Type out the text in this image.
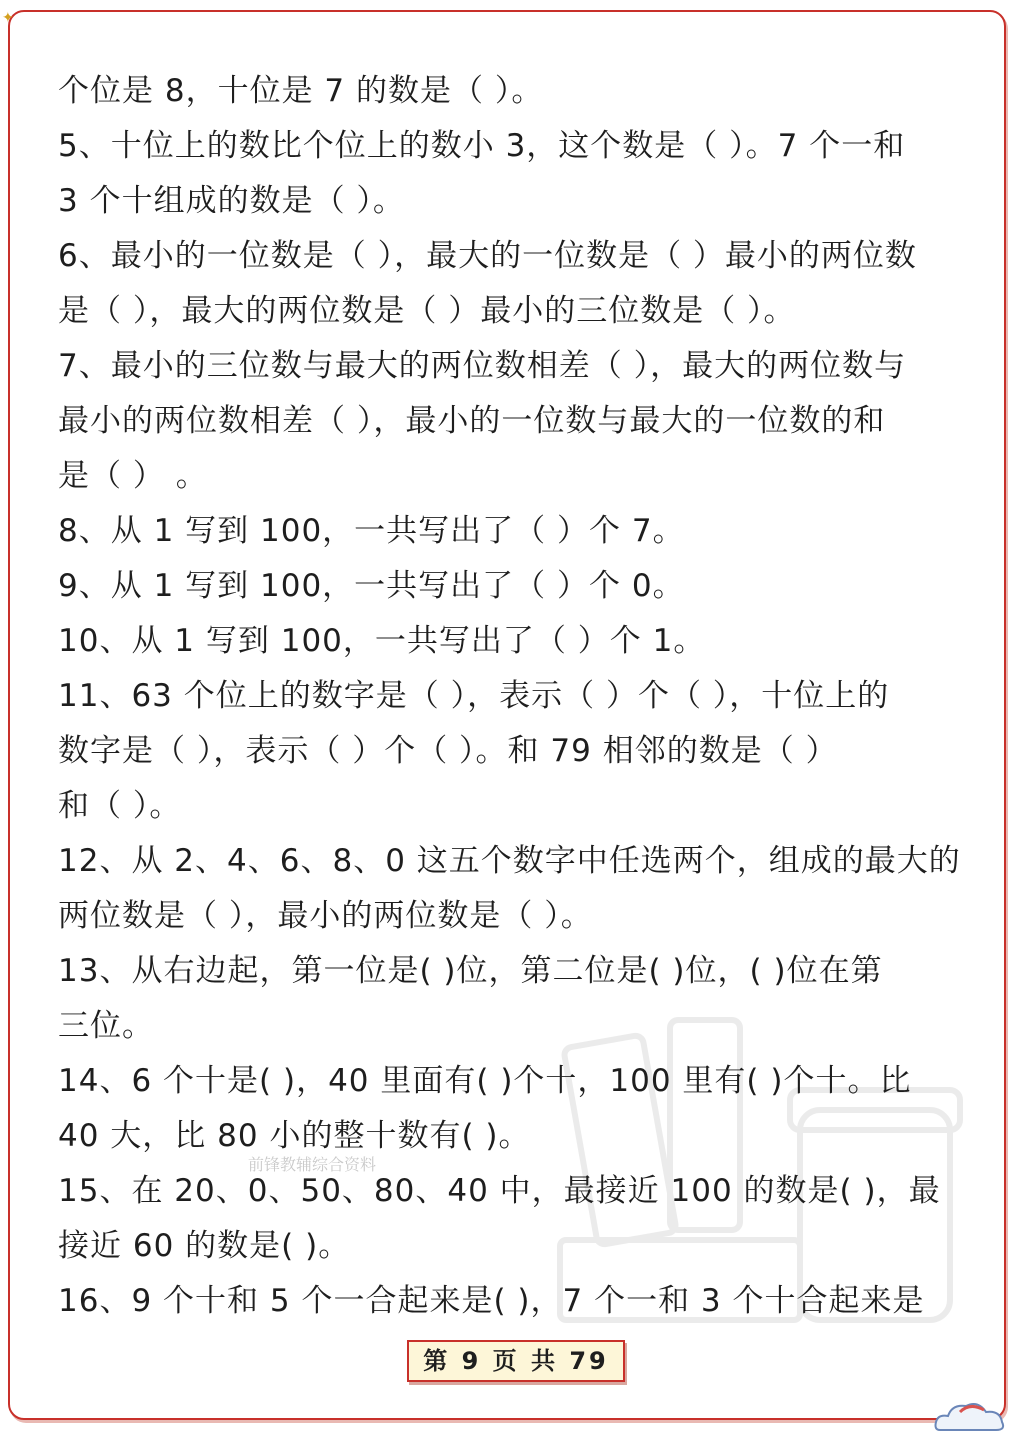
✦
个位是 8，十位是 7 的数是（ ）。
5、十位上的数比个位上的数小 3，这个数是（ ）。7 个一和
3 个十组成的数是（ ）。
6、最小的一位数是（ ），最大的一位数是（ ）最小的两位数
是（ ），最大的两位数是（ ）最小的三位数是（ ）。
7、最小的三位数与最大的两位数相差（ ），最大的两位数与
最小的两位数相差（ ），最小的一位数与最大的一位数的和
是（ ） 。
8、从 1 写到 100，一共写出了（ ）个 7。
9、从 1 写到 100，一共写出了（ ）个 0。
10、从 1 写到 100，一共写出了（ ）个 1。
11、63 个位上的数字是（ ），表示（ ）个（ ），十位上的
数字是（ ），表示（ ）个（ ）。和 79 相邻的数是（ ）
和（ ）。
12、从 2、4、6、8、0 这五个数字中任选两个，组成的最大的
两位数是（ ），最小的两位数是（ ）。
13、从右边起，第一位是( )位，第二位是( )位，( )位在第
三位。
14、6 个十是( )，40 里面有( )个十，100 里有( )个十。比
40 大，比 80 小的整十数有( )。
15、在 20、0、50、80、40 中，最接近 100 的数是( )，最
接近 60 的数是( )。
16、9 个十和 5 个一合起来是( )，7 个一和 3 个十合起来是
前锋教辅综合资料
第 9 页 共 79
